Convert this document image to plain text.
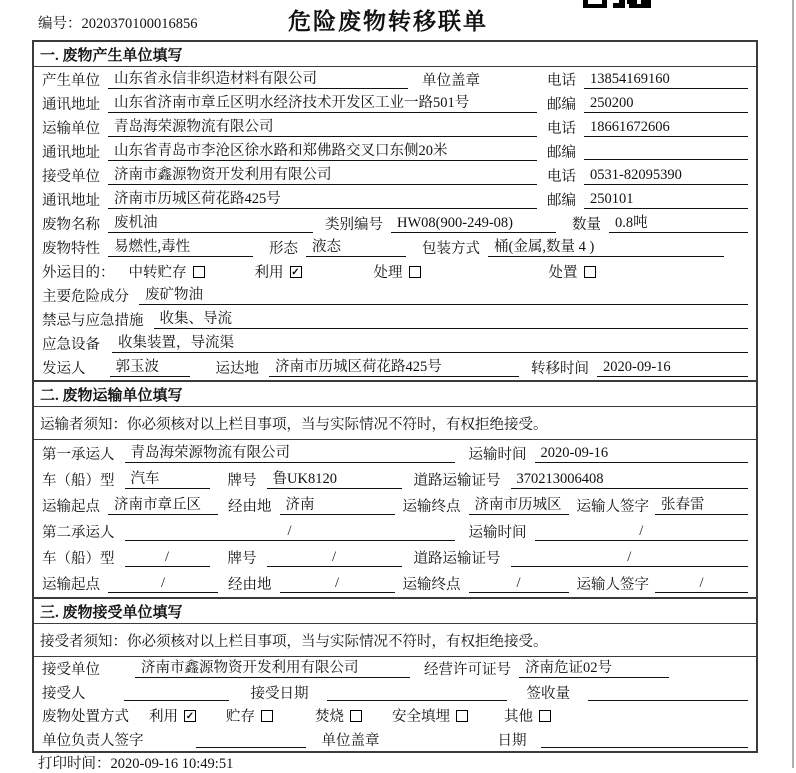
编号：2020370100016856	危险废物转移联单
一. 废物产生单位填写
产生单位 山东省永信非织造材料有限公司	单位盖章	电话 13854169160
通讯地址 山东省济南市章丘区明水经济技术开发区工业一路501号	邮编 250200
运输单位 青岛海荣源物流有限公司	电话 18661672606
通讯地址 山东省青岛市李沧区徐水路和郑佛路交叉口东侧20米	邮编
接受单位 济南市鑫源物资开发利用有限公司	电话 0531-82095390
通讯地址 济南市历城区荷花路425号	邮编 250101
废物名称 废机油	类别编号 HW08(900-249-08)	数量 0.8吨
废物特性 易燃性,毒性	形态 液态	包装方式 桶(金属,数量 4 )
外运目的： 中转贮存	利用 ✓	处理	处置
主要危险成分	废矿物油
禁忌与应急措施	收集、导流
应急设备	收集装置，导流渠
发运人	郭玉波	运达地	济南市历城区荷花路425号	转移时间 2020-09-16
二. 废物运输单位填写
运输者须知：你必须核对以上栏目事项，当与实际情况不符时，有权拒绝接受。
第一承运人	青岛海荣源物流有限公司	运输时间 2020-09-16
车（船）型	汽车	牌号	鲁UK8120	道路运输证号	370213006408
运输起点 济南市章丘区	经由地 济南	运输终点 济南市历城区	运输人签字 张春雷
第二承运人	/	运输时间	/
车（船）型	/	牌号	/	道路运输证号	/
运输起点	/	经由地	/	运输终点	/	运输人签字	/
三. 废物接受单位填写
接受者须知：你必须核对以上栏目事项，当与实际情况不符时，有权拒绝接受。
接受单位	济南市鑫源物资开发利用有限公司	经营许可证号 济南危证02号
接受人	接受日期	签收量
废物处置方式 利用 ✓ 贮存	焚烧	安全填埋	其他
单位负责人签字	单位盖章	日期
打印时间：2020-09-16 10:49:51
